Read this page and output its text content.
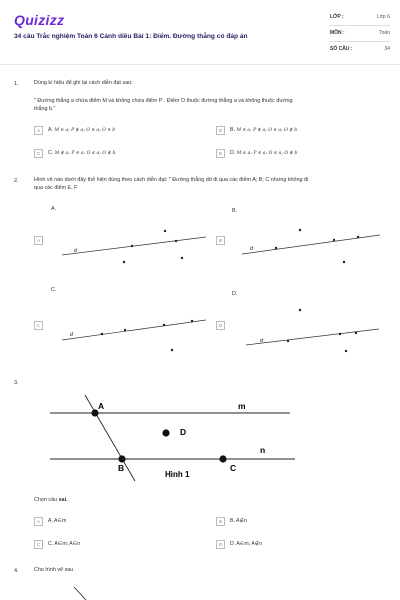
Quizizz
34 câu Trắc nghiệm Toán 6 Cánh diều Bài 1: Điểm. Đường thẳng có đáp án
LỚP :	Lớp 6
MÔN :	Toán
SỐ CÂU :	34
1.	Dùng kí hiệu để ghi lại cách diễn đạt sau:
" Đường thẳng a chứa điểm M và không chứa điểm P . Điểm O thuộc đường thẳng a và không thuộc đường
thẳng b."
A	A.
M ∈ a; P ∉ a; O ∈ a; O ∈ b	B	B.
M ∈ a; P ∉ a; O ∈ a; O ∉ b
C	C.
M ∉ a; P ∈ a; O ∈ a; O ∉ b	D	D.
M ∈ a; P ∈ a; O ∈ a; O ∉ b
2.	Hình vẽ nào dưới đây thể hiện đúng theo cách diễn đạt: " Đường thẳng dd đi qua các điểm A; B; C nhưng không đi
qua các điểm E, F
A.	B.
C.
D.
A	B
C	D
d	d
d
d
3.
A
D
B	C
m
n
Hình 1
Chọn câu sai.
A	A. A∈m	B	B. A∉n
C	C. A∈m; A∈n	D	D. A∈m; A∉n
4.	Cho hình vẽ sau
